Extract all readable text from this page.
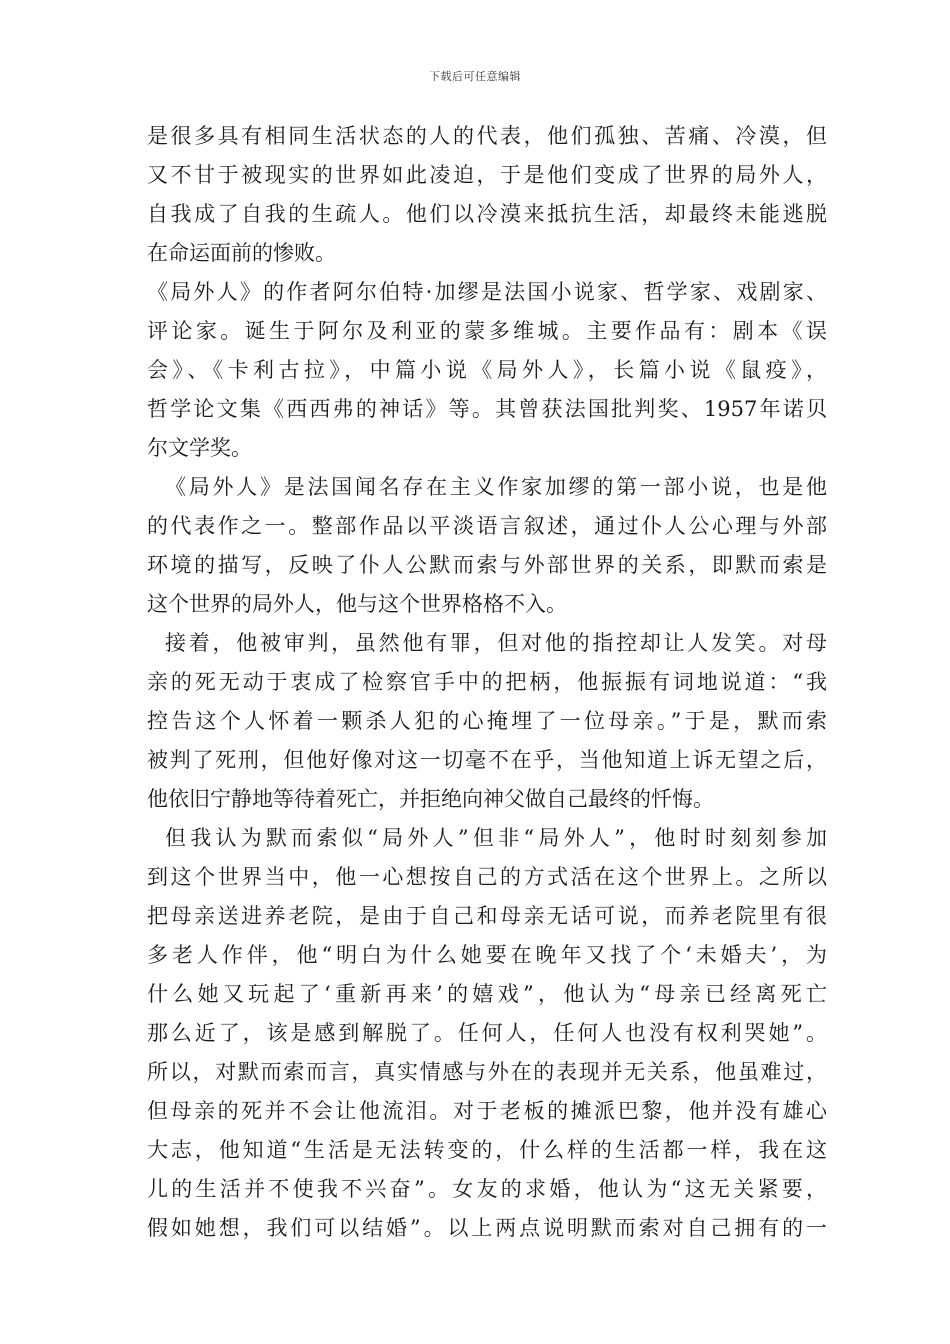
下载后可任意编辑
是很多具有相同生活状态的人的代表，他们孤独、苦痛、冷漠，但
又不甘于被现实的世界如此凌迫，于是他们变成了世界的局外人，
自我成了自我的生疏人。他们以冷漠来抵抗生活，却最终未能逃脱
在命运面前的惨败。
《局外人》的作者阿尔伯特·加缪是法国小说家、哲学家、戏剧家、
评论家。诞生于阿尔及利亚的蒙多维城。主要作品有：剧本《误
会》、《卡利古拉》，中篇小说《局外人》，长篇小说《鼠疫》，
哲学论文集《西西弗的神话》等。其曾获法国批判奖、1957年诺贝
尔文学奖。
《局外人》是法国闻名存在主义作家加缪的第一部小说，也是他
的代表作之一。整部作品以平淡语言叙述，通过仆人公心理与外部
环境的描写，反映了仆人公默而索与外部世界的关系，即默而索是
这个世界的局外人，他与这个世界格格不入。
接着，他被审判，虽然他有罪，但对他的指控却让人发笑。对母
亲的死无动于衷成了检察官手中的把柄，他振振有词地说道：“我
控告这个人怀着一颗杀人犯的心掩埋了一位母亲。”于是，默而索
被判了死刑，但他好像对这一切毫不在乎，当他知道上诉无望之后，
他依旧宁静地等待着死亡，并拒绝向神父做自己最终的忏悔。
但我认为默而索似“局外人”但非“局外人”，他时时刻刻参加
到这个世界当中，他一心想按自己的方式活在这个世界上。之所以
把母亲送进养老院，是由于自己和母亲无话可说，而养老院里有很
多老人作伴，他“明白为什么她要在晚年又找了个‘未婚夫’，为
什么她又玩起了‘重新再来’的嬉戏”，他认为“母亲已经离死亡
那么近了，该是感到解脱了。任何人，任何人也没有权利哭她”。
所以，对默而索而言，真实情感与外在的表现并无关系，他虽难过，
但母亲的死并不会让他流泪。对于老板的摊派巴黎，他并没有雄心
大志，他知道“生活是无法转变的，什么样的生活都一样，我在这
儿的生活并不使我不兴奋”。女友的求婚，他认为“这无关紧要，
假如她想，我们可以结婚”。以上两点说明默而索对自己拥有的一
